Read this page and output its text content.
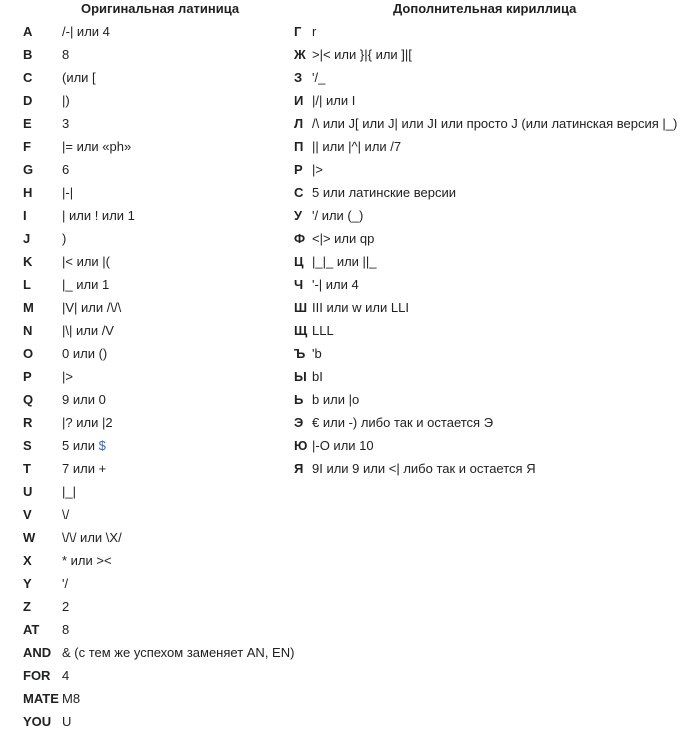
Оригинальная латиница	Дополнительная кириллица
A /-| или 4
B 8
C (или [
D |)
E 3
F |= или «ph»
G 6
H |-|
I	| или ! или 1
J )
K |< или |(
L |_ или 1
M |V| или /\/\
N |\| или /V
O 0 или ()
P |>
Q 9 или 0
R |? или |2
S 5 или $
T 7 или +
U |_|
V \/
W \/\/ или \X/
X * или ><
Y '/
Z 2
AT 8
AND & (с тем же успехом заменяет AN, EN)
FOR 4
MATE M8
YOU U
Г r
Ж >|< или }|{ или ]|[
З '/_
И |/| или I
Л /\ или J[ или J| или JI или просто J (или латинская версия |_)
П || или |^| или /7
Р |>
С 5 или латинские версии
У '/ или (_)
Ф <|> или qp
Ц |_|_ или ||_
Ч '-| или 4
Ш III или w или LLI
Щ LLL
Ъ 'b
Ы bI
Ь b или |o
Э € или -) либо так и остается Э
Ю |-O или 10
Я 9I или 9 или <| либо так и остается Я
